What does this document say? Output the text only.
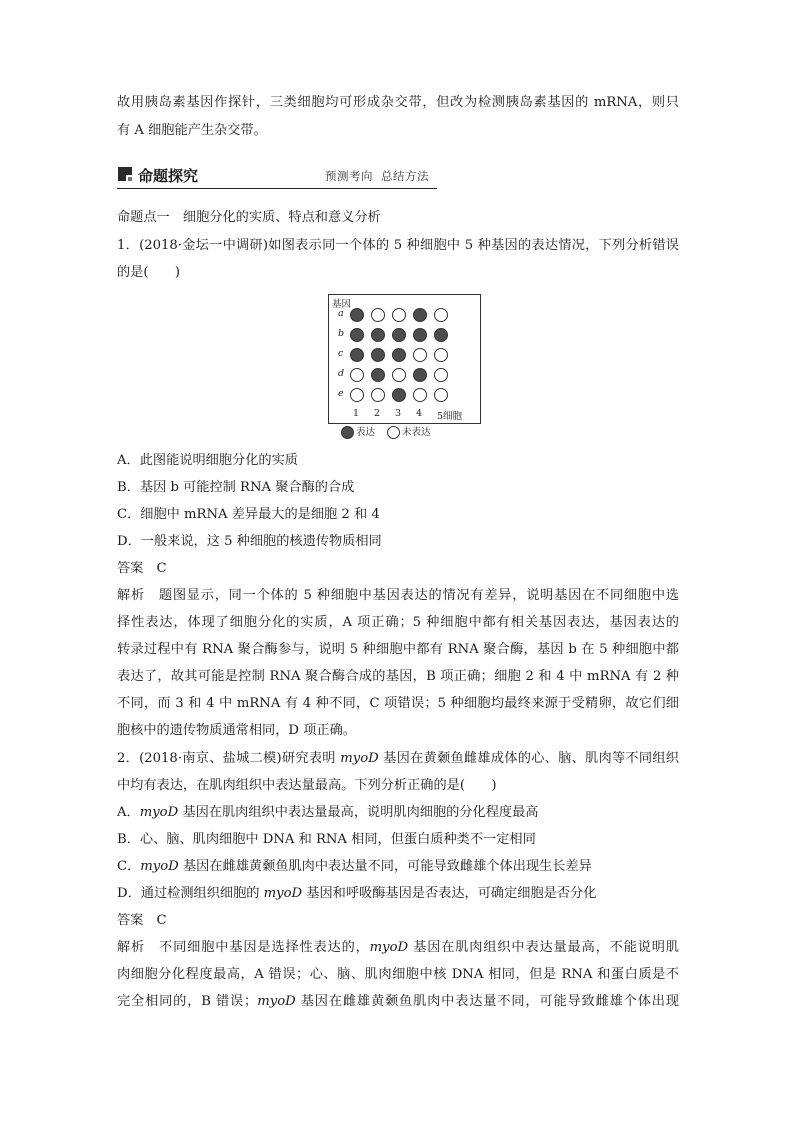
故用胰岛素基因作探针，三类细胞均可形成杂交带，但改为检测胰岛素基因的 mRNA，则只
有 A 细胞能产生杂交带。
命题探究	预测考向 总结方法
命题点一　细胞分化的实质、特点和意义分析
1．(2018·金坛一中调研)如图表示同一个体的 5 种细胞中 5 种基因的表达情况，下列分析错误
的是(　　)
基因
a
b
c
d
e
1 2 3 4 5细胞
表达	未表达
A．此图能说明细胞分化的实质
B．基因 b 可能控制 RNA 聚合酶的合成
C．细胞中 mRNA 差异最大的是细胞 2 和 4
D．一般来说，这 5 种细胞的核遗传物质相同
答案　C
解析　题图显示，同一个体的 5 种细胞中基因表达的情况有差异，说明基因在不同细胞中选
择性表达，体现了细胞分化的实质，A 项正确；5 种细胞中都有相关基因表达，基因表达的
转录过程中有 RNA 聚合酶参与，说明 5 种细胞中都有 RNA 聚合酶，基因 b 在 5 种细胞中都
表达了，故其可能是控制 RNA 聚合酶合成的基因，B 项正确；细胞 2 和 4 中 mRNA 有 2 种
不同，而 3 和 4 中 mRNA 有 4 种不同，C 项错误；5 种细胞均最终来源于受精卵，故它们细
胞核中的遗传物质通常相同，D 项正确。
2．(2018·南京、盐城二模)研究表明 myoD 基因在黄颡鱼雌雄成体的心、脑、肌肉等不同组织
中均有表达，在肌肉组织中表达量最高。下列分析正确的是(　　)
A．myoD 基因在肌肉组织中表达量最高，说明肌肉细胞的分化程度最高
B．心、脑、肌肉细胞中 DNA 和 RNA 相同，但蛋白质种类不一定相同
C．myoD 基因在雌雄黄颡鱼肌肉中表达量不同，可能导致雌雄个体出现生长差异
D．通过检测组织细胞的 myoD 基因和呼吸酶基因是否表达，可确定细胞是否分化
答案　C
解析　不同细胞中基因是选择性表达的，myoD 基因在肌肉组织中表达量最高，不能说明肌
肉细胞分化程度最高，A 错误；心、脑、肌肉细胞中核 DNA 相同，但是 RNA 和蛋白质是不
完全相同的，B 错误；myoD 基因在雌雄黄颡鱼肌肉中表达量不同，可能导致雌雄个体出现
